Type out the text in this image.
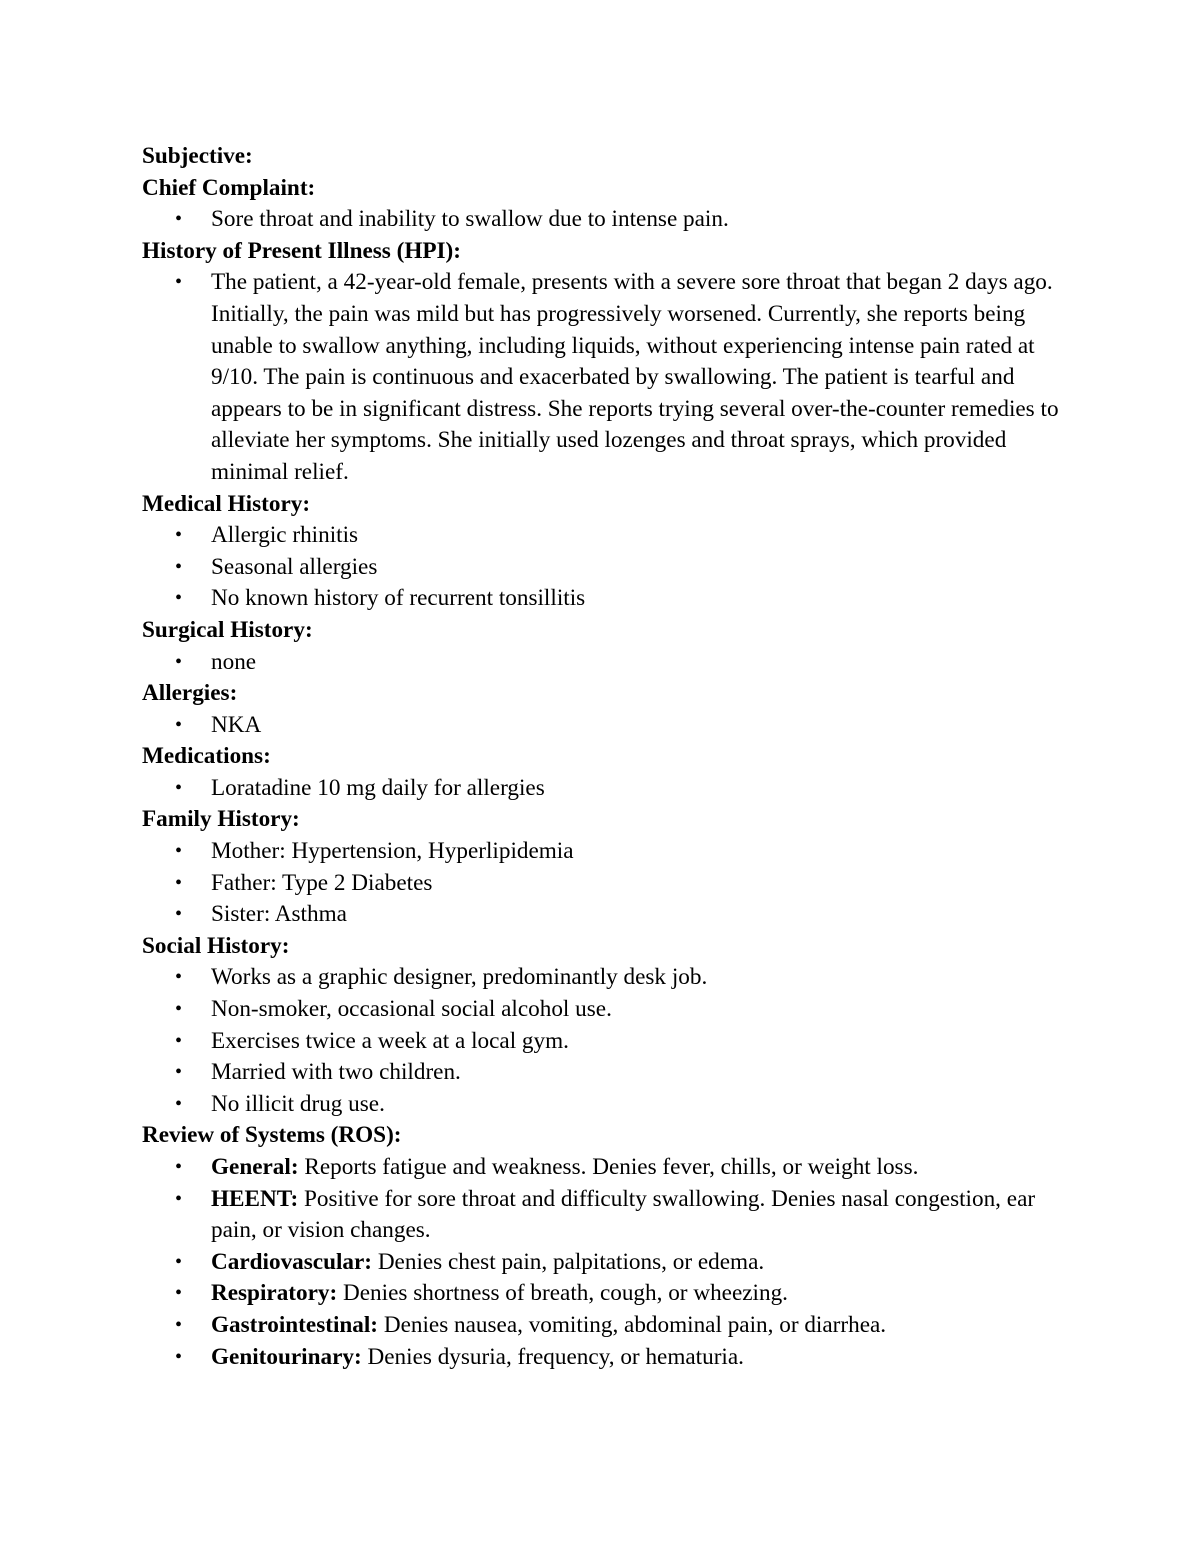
Subjective:
Chief Complaint:
• Sore throat and inability to swallow due to intense pain.
History of Present Illness (HPI):
• The patient, a 42-year-old female, presents with a severe sore throat that began 2 days ago. Initially, the pain was mild but has progressively worsened. Currently, she reports being unable to swallow anything, including liquids, without experiencing intense pain rated at 9/10. The pain is continuous and exacerbated by swallowing. The patient is tearful and appears to be in significant distress. She reports trying several over-the-counter remedies to alleviate her symptoms. She initially used lozenges and throat sprays, which provided minimal relief.
Medical History:
• Allergic rhinitis
• Seasonal allergies
• No known history of recurrent tonsillitis
Surgical History:
• none
Allergies:
• NKA
Medications:
• Loratadine 10 mg daily for allergies
Family History:
• Mother: Hypertension, Hyperlipidemia
• Father: Type 2 Diabetes
• Sister: Asthma
Social History:
• Works as a graphic designer, predominantly desk job.
• Non-smoker, occasional social alcohol use.
• Exercises twice a week at a local gym.
• Married with two children.
• No illicit drug use.
Review of Systems (ROS):
• General: Reports fatigue and weakness. Denies fever, chills, or weight loss.
• HEENT: Positive for sore throat and difficulty swallowing. Denies nasal congestion, ear pain, or vision changes.
• Cardiovascular: Denies chest pain, palpitations, or edema.
• Respiratory: Denies shortness of breath, cough, or wheezing.
• Gastrointestinal: Denies nausea, vomiting, abdominal pain, or diarrhea.
• Genitourinary: Denies dysuria, frequency, or hematuria.
